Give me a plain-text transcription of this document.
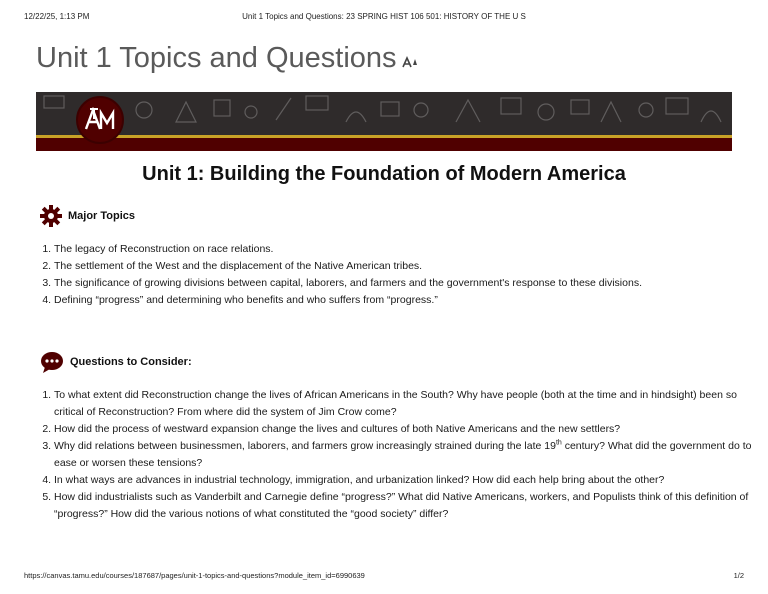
12/22/25, 1:13 PM	Unit 1 Topics and Questions: 23 SPRING HIST 106 501: HISTORY OF THE U S
Unit 1 Topics and Questions
Unit 1: Building the Foundation of Modern America
Major Topics
1. The legacy of Reconstruction on race relations.
2. The settlement of the West and the displacement of the Native American tribes.
3. The significance of growing divisions between capital, laborers, and farmers and the government's response to these divisions.
4. Defining “progress” and determining who benefits and who suffers from “progress.”
Questions to Consider:
1. To what extent did Reconstruction change the lives of African Americans in the South? Why have people (both at the time and in hindsight) been so critical of Reconstruction? From where did the system of Jim Crow come?
2. How did the process of westward expansion change the lives and cultures of both Native Americans and the new settlers?
3. Why did relations between businessmen, laborers, and farmers grow increasingly strained during the late 19th century? What did the government do to ease or worsen these tensions?
4. In what ways are advances in industrial technology, immigration, and urbanization linked? How did each help bring about the other?
5. How did industrialists such as Vanderbilt and Carnegie define “progress?” What did Native Americans, workers, and Populists think of this definition of “progress?” How did the various notions of what constituted the “good society” differ?
https://canvas.tamu.edu/courses/187687/pages/unit-1-topics-and-questions?module_item_id=6990639	1/2
